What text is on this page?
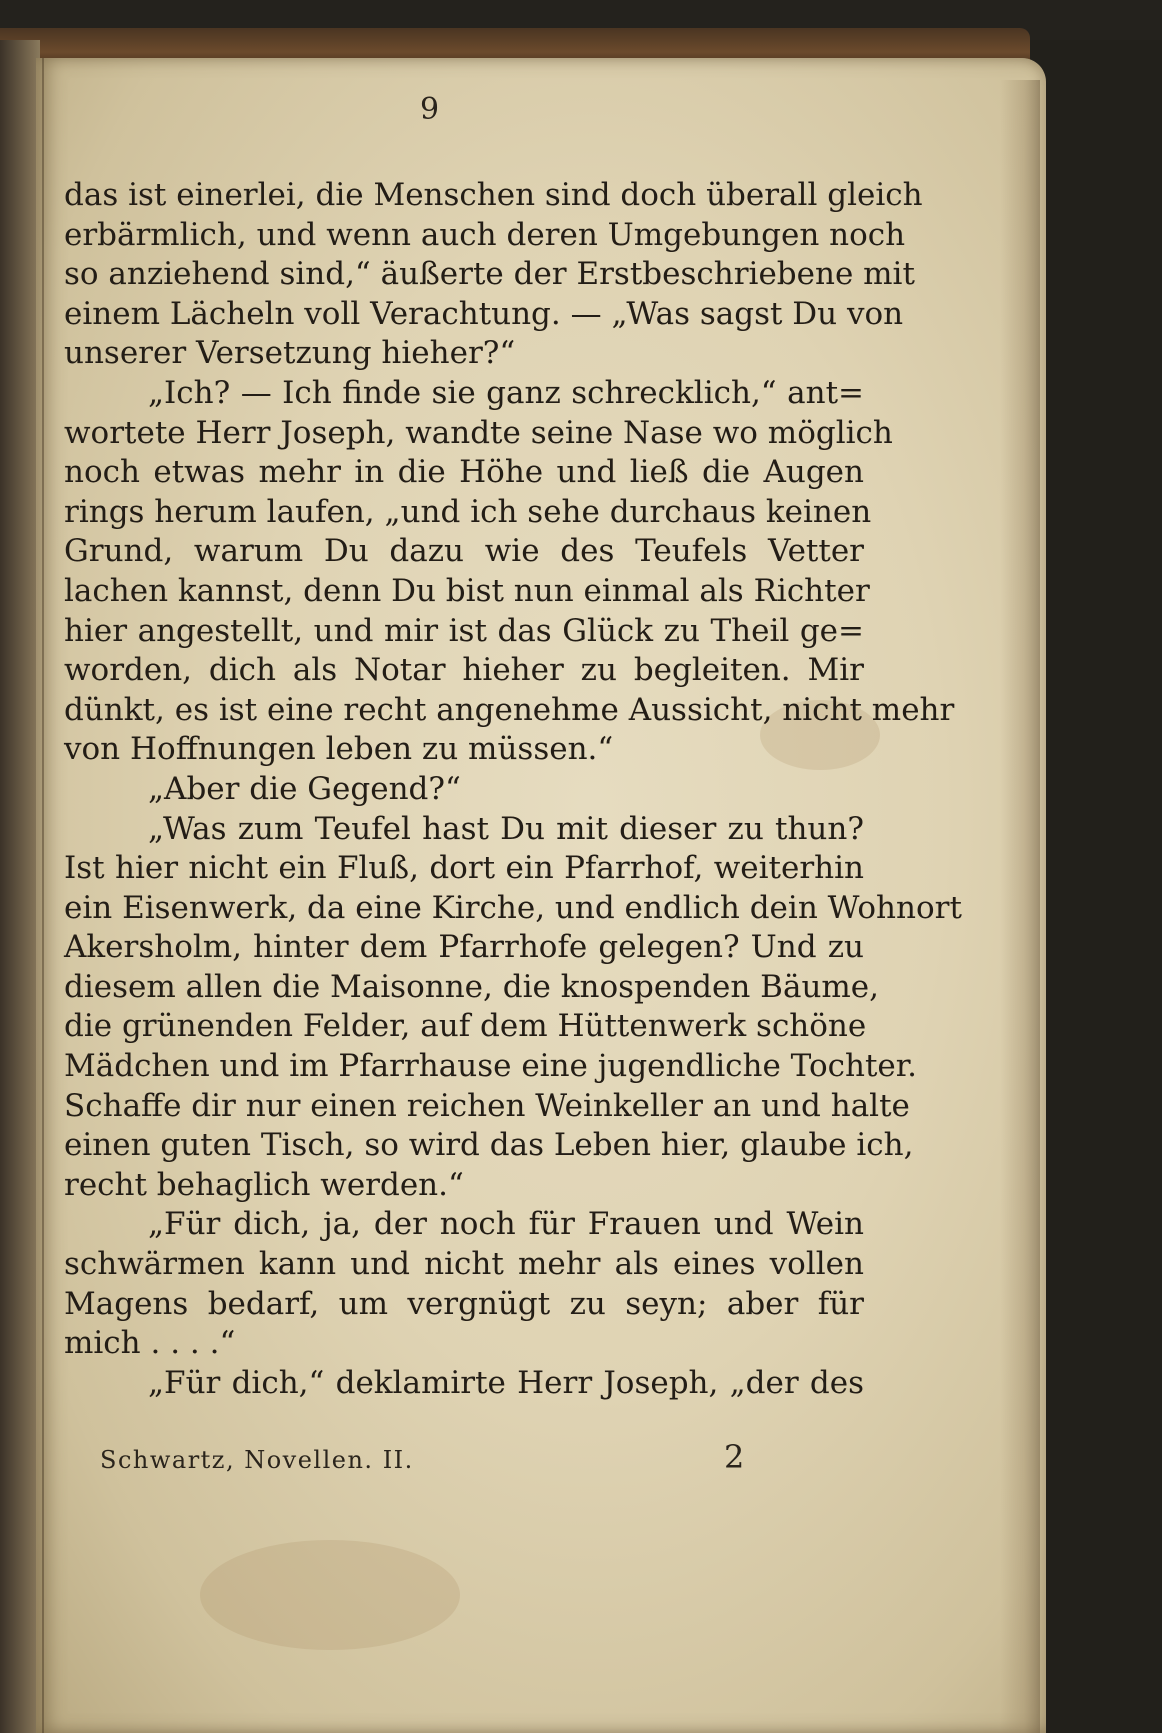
9
das ist einerlei, die Menschen sind doch überall gleich
erbärmlich, und wenn auch deren Umgebungen noch
so anziehend sind,“ äußerte der Erstbeschriebene mit
einem Lächeln voll Verachtung. — „Was sagst Du von
unserer Versetzung hieher?“
„Ich? — Ich finde sie ganz schrecklich,“ ant=
wortete Herr Joseph, wandte seine Nase wo möglich
noch etwas mehr in die Höhe und ließ die Augen
rings herum laufen, „und ich sehe durchaus keinen
Grund, warum Du dazu wie des Teufels Vetter
lachen kannst, denn Du bist nun einmal als Richter
hier angestellt, und mir ist das Glück zu Theil ge=
worden, dich als Notar hieher zu begleiten. Mir
dünkt, es ist eine recht angenehme Aussicht, nicht mehr
von Hoffnungen leben zu müssen.“
„Aber die Gegend?“
„Was zum Teufel hast Du mit dieser zu thun?
Ist hier nicht ein Fluß, dort ein Pfarrhof, weiterhin
ein Eisenwerk, da eine Kirche, und endlich dein Wohnort
Akersholm, hinter dem Pfarrhofe gelegen? Und zu
diesem allen die Maisonne, die knospenden Bäume,
die grünenden Felder, auf dem Hüttenwerk schöne
Mädchen und im Pfarrhause eine jugendliche Tochter.
Schaffe dir nur einen reichen Weinkeller an und halte
einen guten Tisch, so wird das Leben hier, glaube ich,
recht behaglich werden.“
„Für dich, ja, der noch für Frauen und Wein
schwärmen kann und nicht mehr als eines vollen
Magens bedarf, um vergnügt zu seyn; aber für
mich . . . .“
„Für dich,“ deklamirte Herr Joseph, „der des
Schwartz, Novellen. II.	2
